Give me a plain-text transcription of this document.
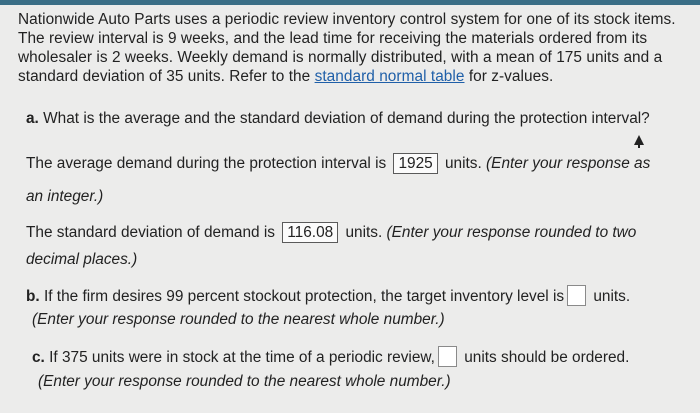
Nationwide Auto Parts uses a periodic review inventory control system for one of its stock items. The review interval is 9 weeks, and the lead time for receiving the materials ordered from its wholesaler is 2 weeks. Weekly demand is normally distributed, with a mean of 175 units and a standard deviation of 35 units. Refer to the standard normal table for z-values.

a. What is the average and the standard deviation of demand during the protection interval?
The average demand during the protection interval is 1925 units. (Enter your response as
an integer.)
The standard deviation of demand is 116.08 units. (Enter your response rounded to two
decimal places.)
b. If the firm desires 99 percent stockout protection, the target inventory level is units.
(Enter your response rounded to the nearest whole number.)
c. If 375 units were in stock at the time of a periodic review, units should be ordered.
(Enter your response rounded to the nearest whole number.)
